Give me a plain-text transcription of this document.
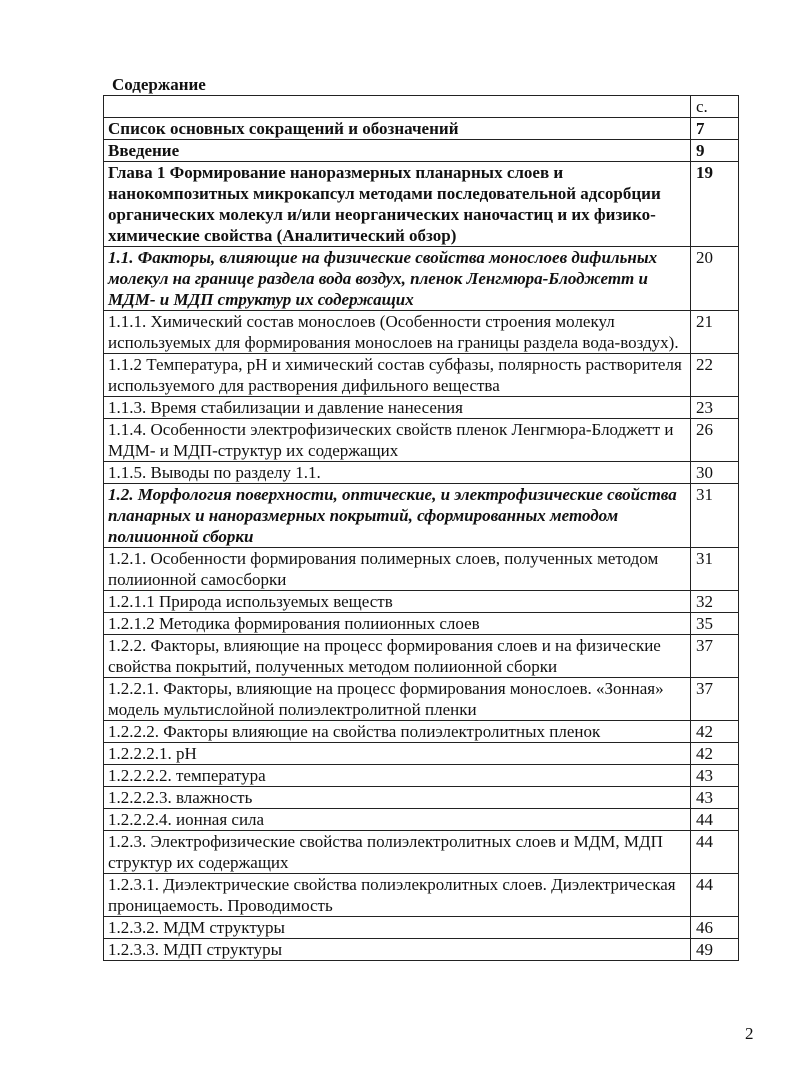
Содержание
	с.
Список основных сокращений и обозначений	7
Введение	9
Глава 1 Формирование наноразмерных планарных слоев и нанокомпозитных микрокапсул методами последовательной адсорбции органических молекул и/или неорганических наночастиц и их физико-химические свойства (Аналитический обзор)	19
1.1. Факторы, влияющие на физические свойства монослоев дифильных молекул на границе раздела вода воздух, пленок Ленгмюра-Блоджетт и МДМ- и МДП структур их содержащих	20
1.1.1. Химический состав монослоев (Особенности строения молекул используемых для формирования монослоев на границы раздела вода-воздух).	21
1.1.2 Температура, pH и химический состав субфазы, полярность растворителя используемого для растворения дифильного вещества	22
1.1.3. Время стабилизации и давление нанесения	23
1.1.4. Особенности электрофизических свойств пленок Ленгмюра-Блоджетт и МДМ- и МДП-структур их содержащих	26
1.1.5. Выводы по разделу 1.1.	30
1.2. Морфология поверхности, оптические, и электрофизические свойства планарных и наноразмерных покрытий, сформированных методом полиионной сборки	31
1.2.1. Особенности формирования полимерных слоев, полученных методом полиионной самосборки	31
1.2.1.1 Природа используемых веществ	32
1.2.1.2 Методика формирования полиионных слоев	35
1.2.2. Факторы, влияющие на процесс формирования слоев и на физические свойства покрытий, полученных методом полиионной сборки	37
1.2.2.1. Факторы, влияющие на процесс формирования монослоев. «Зонная» модель мультислойной полиэлектролитной пленки	37
1.2.2.2. Факторы влияющие на свойства полиэлектролитных пленок	42
1.2.2.2.1. pH	42
1.2.2.2.2. температура	43
1.2.2.2.3. влажность	43
1.2.2.2.4. ионная сила	44
1.2.3. Электрофизические свойства полиэлектролитных слоев и МДМ, МДП структур их содержащих	44
1.2.3.1. Диэлектрические свойства полиэлекролитных слоев. Диэлектрическая проницаемость. Проводимость	44
1.2.3.2. МДМ структуры	46
1.2.3.3. МДП структуры	49
2
